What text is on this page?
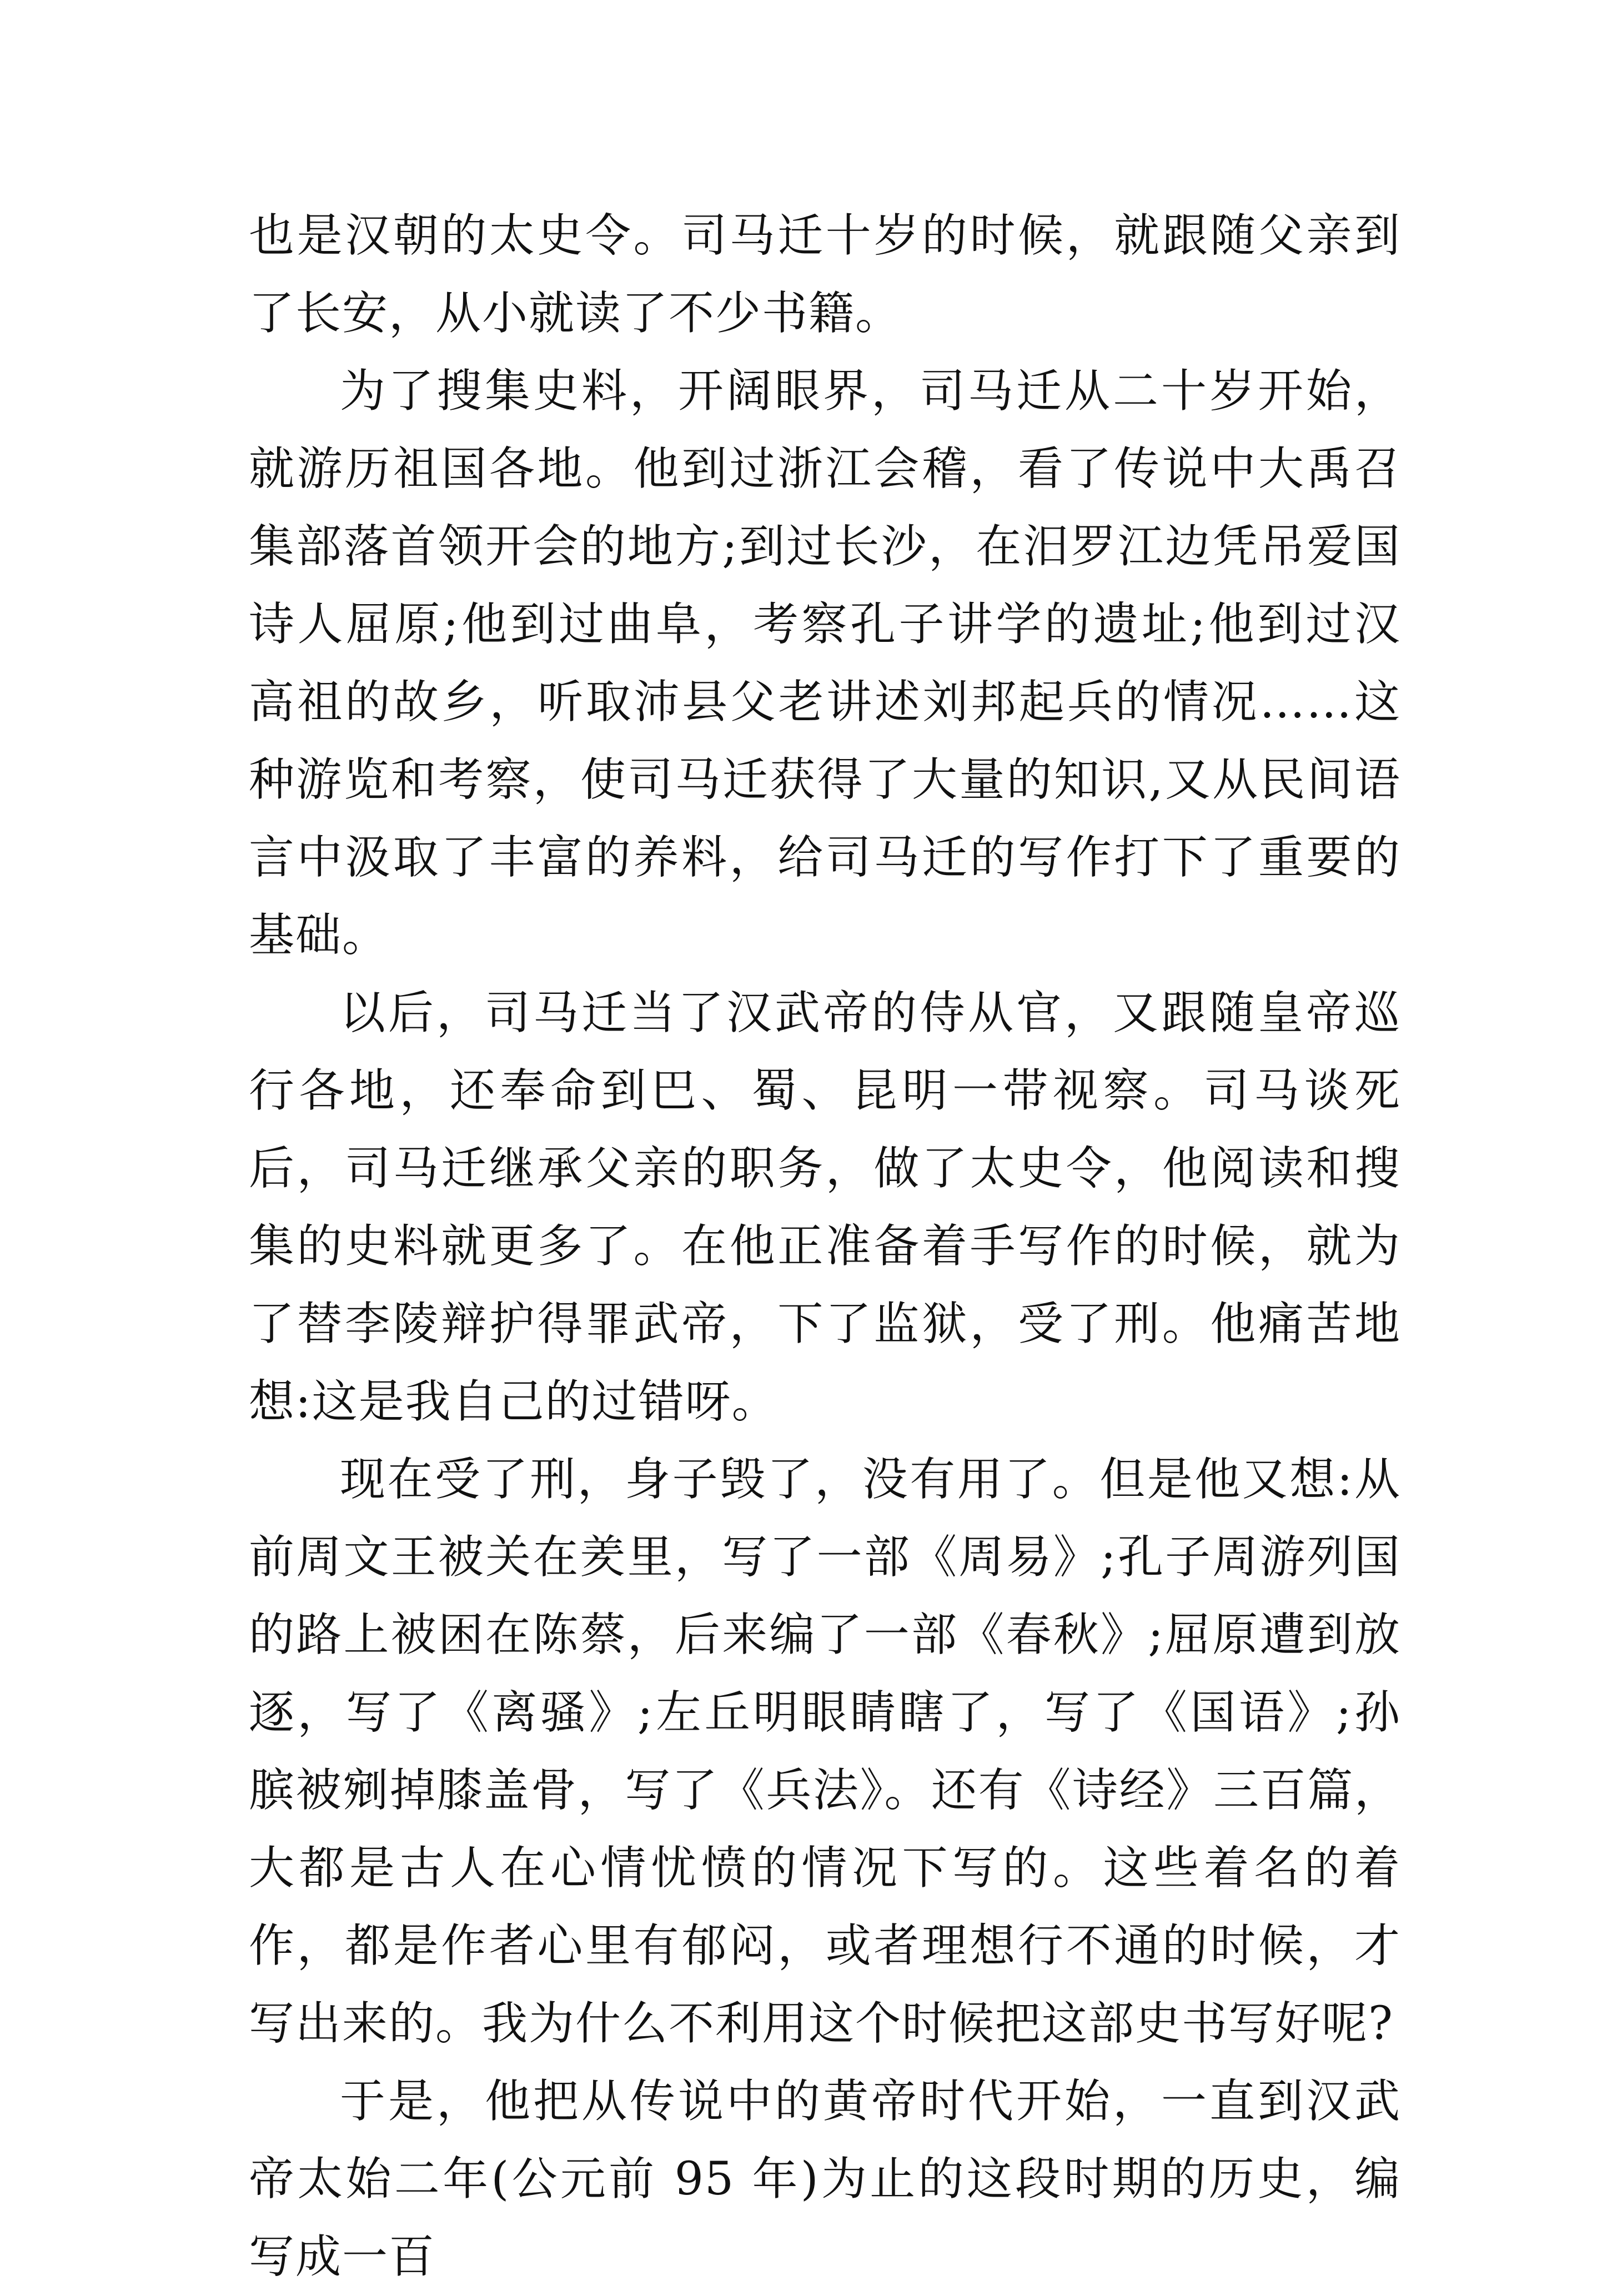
也是汉朝的太史令。司马迁十岁的时候，就跟随父亲到了长安，从小就读了不少书籍。

为了搜集史料，开阔眼界，司马迁从二十岁开始，就游历祖国各地。他到过浙江会稽，看了传说中大禹召集部落首领开会的地方;到过长沙，在汨罗江边凭吊爱国诗人屈原;他到过曲阜，考察孔子讲学的遗址;他到过汉高祖的故乡，听取沛县父老讲述刘邦起兵的情况……这种游览和考察，使司马迁获得了大量的知识,又从民间语言中汲取了丰富的养料，给司马迁的写作打下了重要的基础。

以后，司马迁当了汉武帝的侍从官，又跟随皇帝巡行各地，还奉命到巴、蜀、昆明一带视察。司马谈死后，司马迁继承父亲的职务，做了太史令，他阅读和搜集的史料就更多了。在他正准备着手写作的时候，就为了替李陵辩护得罪武帝，下了监狱，受了刑。他痛苦地想:这是我自己的过错呀。

现在受了刑，身子毁了，没有用了。但是他又想:从前周文王被关在羑里，写了一部《周易》;孔子周游列国的路上被困在陈蔡，后来编了一部《春秋》;屈原遭到放逐，写了《离骚》;左丘明眼睛瞎了，写了《国语》;孙膑被剜掉膝盖骨，写了《兵法》。还有《诗经》三百篇，大都是古人在心情忧愤的情况下写的。这些着名的着作，都是作者心里有郁闷，或者理想行不通的时候，才写出来的。我为什么不利用这个时候把这部史书写好呢?

于是，他把从传说中的黄帝时代开始，一直到汉武帝太始二年(公元前 95 年)为止的这段时期的历史，编写成一百
